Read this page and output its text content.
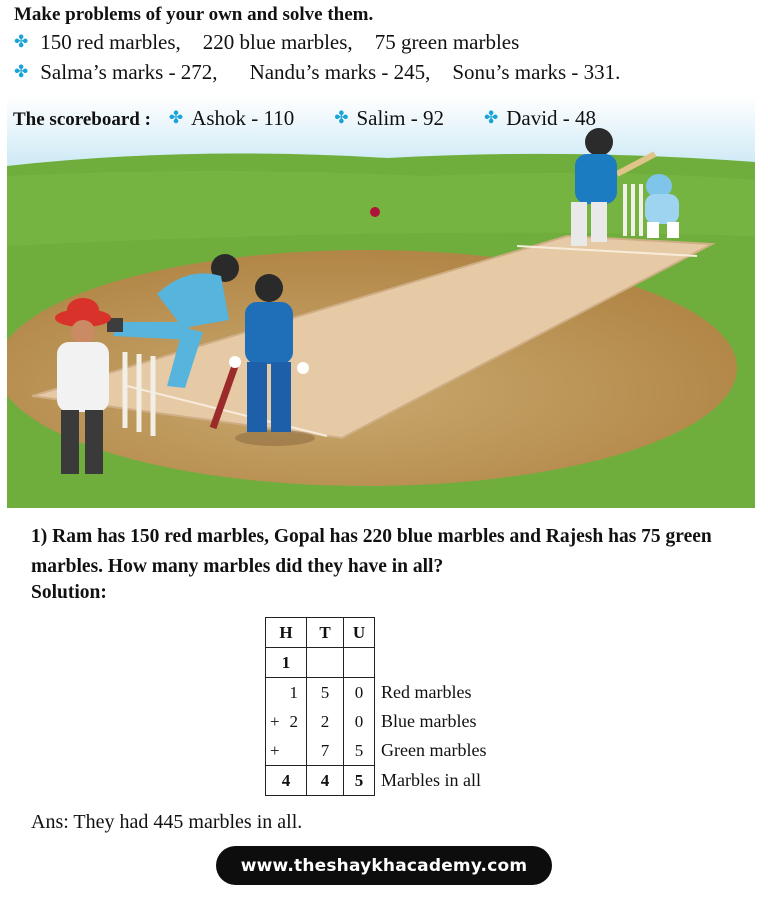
Make problems of your own and solve them.
✤ 150 red marbles, 220 blue marbles, 75 green marbles
✤ Salma’s marks - 272, Nandu’s marks - 245, Sonu’s marks - 331.
The scoreboard : ✤ Ashok - 110 ✤ Salim - 92 ✤ David - 48

1) Ram has 150 red marbles, Gopal has 220 blue marbles and Rajesh has 75 green marbles. How many marbles did they have in all?

Solution:

H	T	U	
1			

1	5	0	Red marbles

+ 2	2	0	Blue marbles

+	7	5	Green marbles
4	4	5	Marbles in all

Ans: They had 445 marbles in all.

www.theshaykhacademy.com
